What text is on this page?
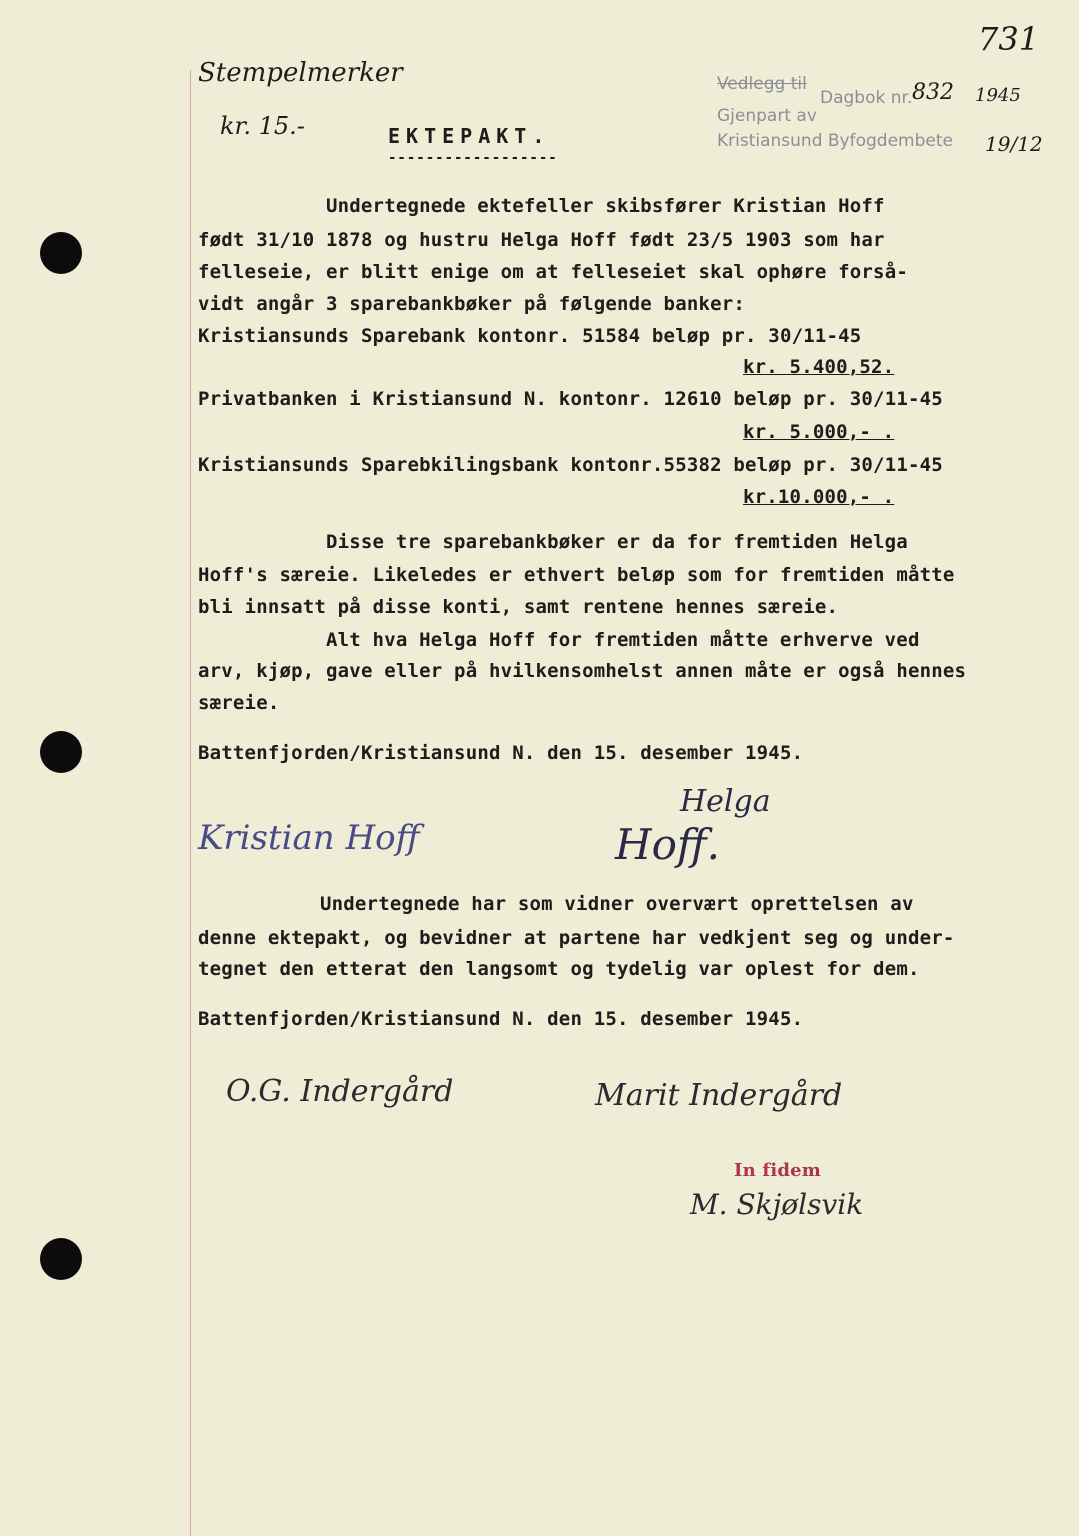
Stempelmerker
kr. 15.-
Vedlegg til
Dagbok nr. 832 1945
Gjenpart av
Kristiansund Byfogdembete 19/12
731
EKTEPAKT.
------------------
Undertegnede ektefeller skibsfører Kristian Hoff
født 31/10 1878 og hustru Helga Hoff født 23/5 1903 som har
felleseie, er blitt enige om at felleseiet skal ophøre forså-
vidt angår 3 sparebankbøker på følgende banker:
Kristiansunds Sparebank kontonr. 51584 beløp pr. 30/11-45
kr. 5.400,52.
Privatbanken i Kristiansund N. kontonr. 12610 beløp pr. 30/11-45
kr. 5.000,- .
Kristiansunds Sparebkilingsbank kontonr.55382 beløp pr. 30/11-45
kr.10.000,- .
Disse tre sparebankbøker er da for fremtiden Helga
Hoff's særeie. Likeledes er ethvert beløp som for fremtiden måtte
bli innsatt på disse konti, samt rentene hennes særeie.
Alt hva Helga Hoff for fremtiden måtte erhverve ved
arv, kjøp, gave eller på hvilkensomhelst annen måte er også hennes
særeie.
Battenfjorden/Kristiansund N. den 15. desember 1945.
Kristian Hoff
Helga
Hoff.
Undertegnede har som vidner overvært oprettelsen av
denne ektepakt, og bevidner at partene har vedkjent seg og under-
tegnet den etterat den langsomt og tydelig var oplest for dem.
Battenfjorden/Kristiansund N. den 15. desember 1945.
O.G. Indergård	Marit Indergård
In fidem
M. Skjølsvik
